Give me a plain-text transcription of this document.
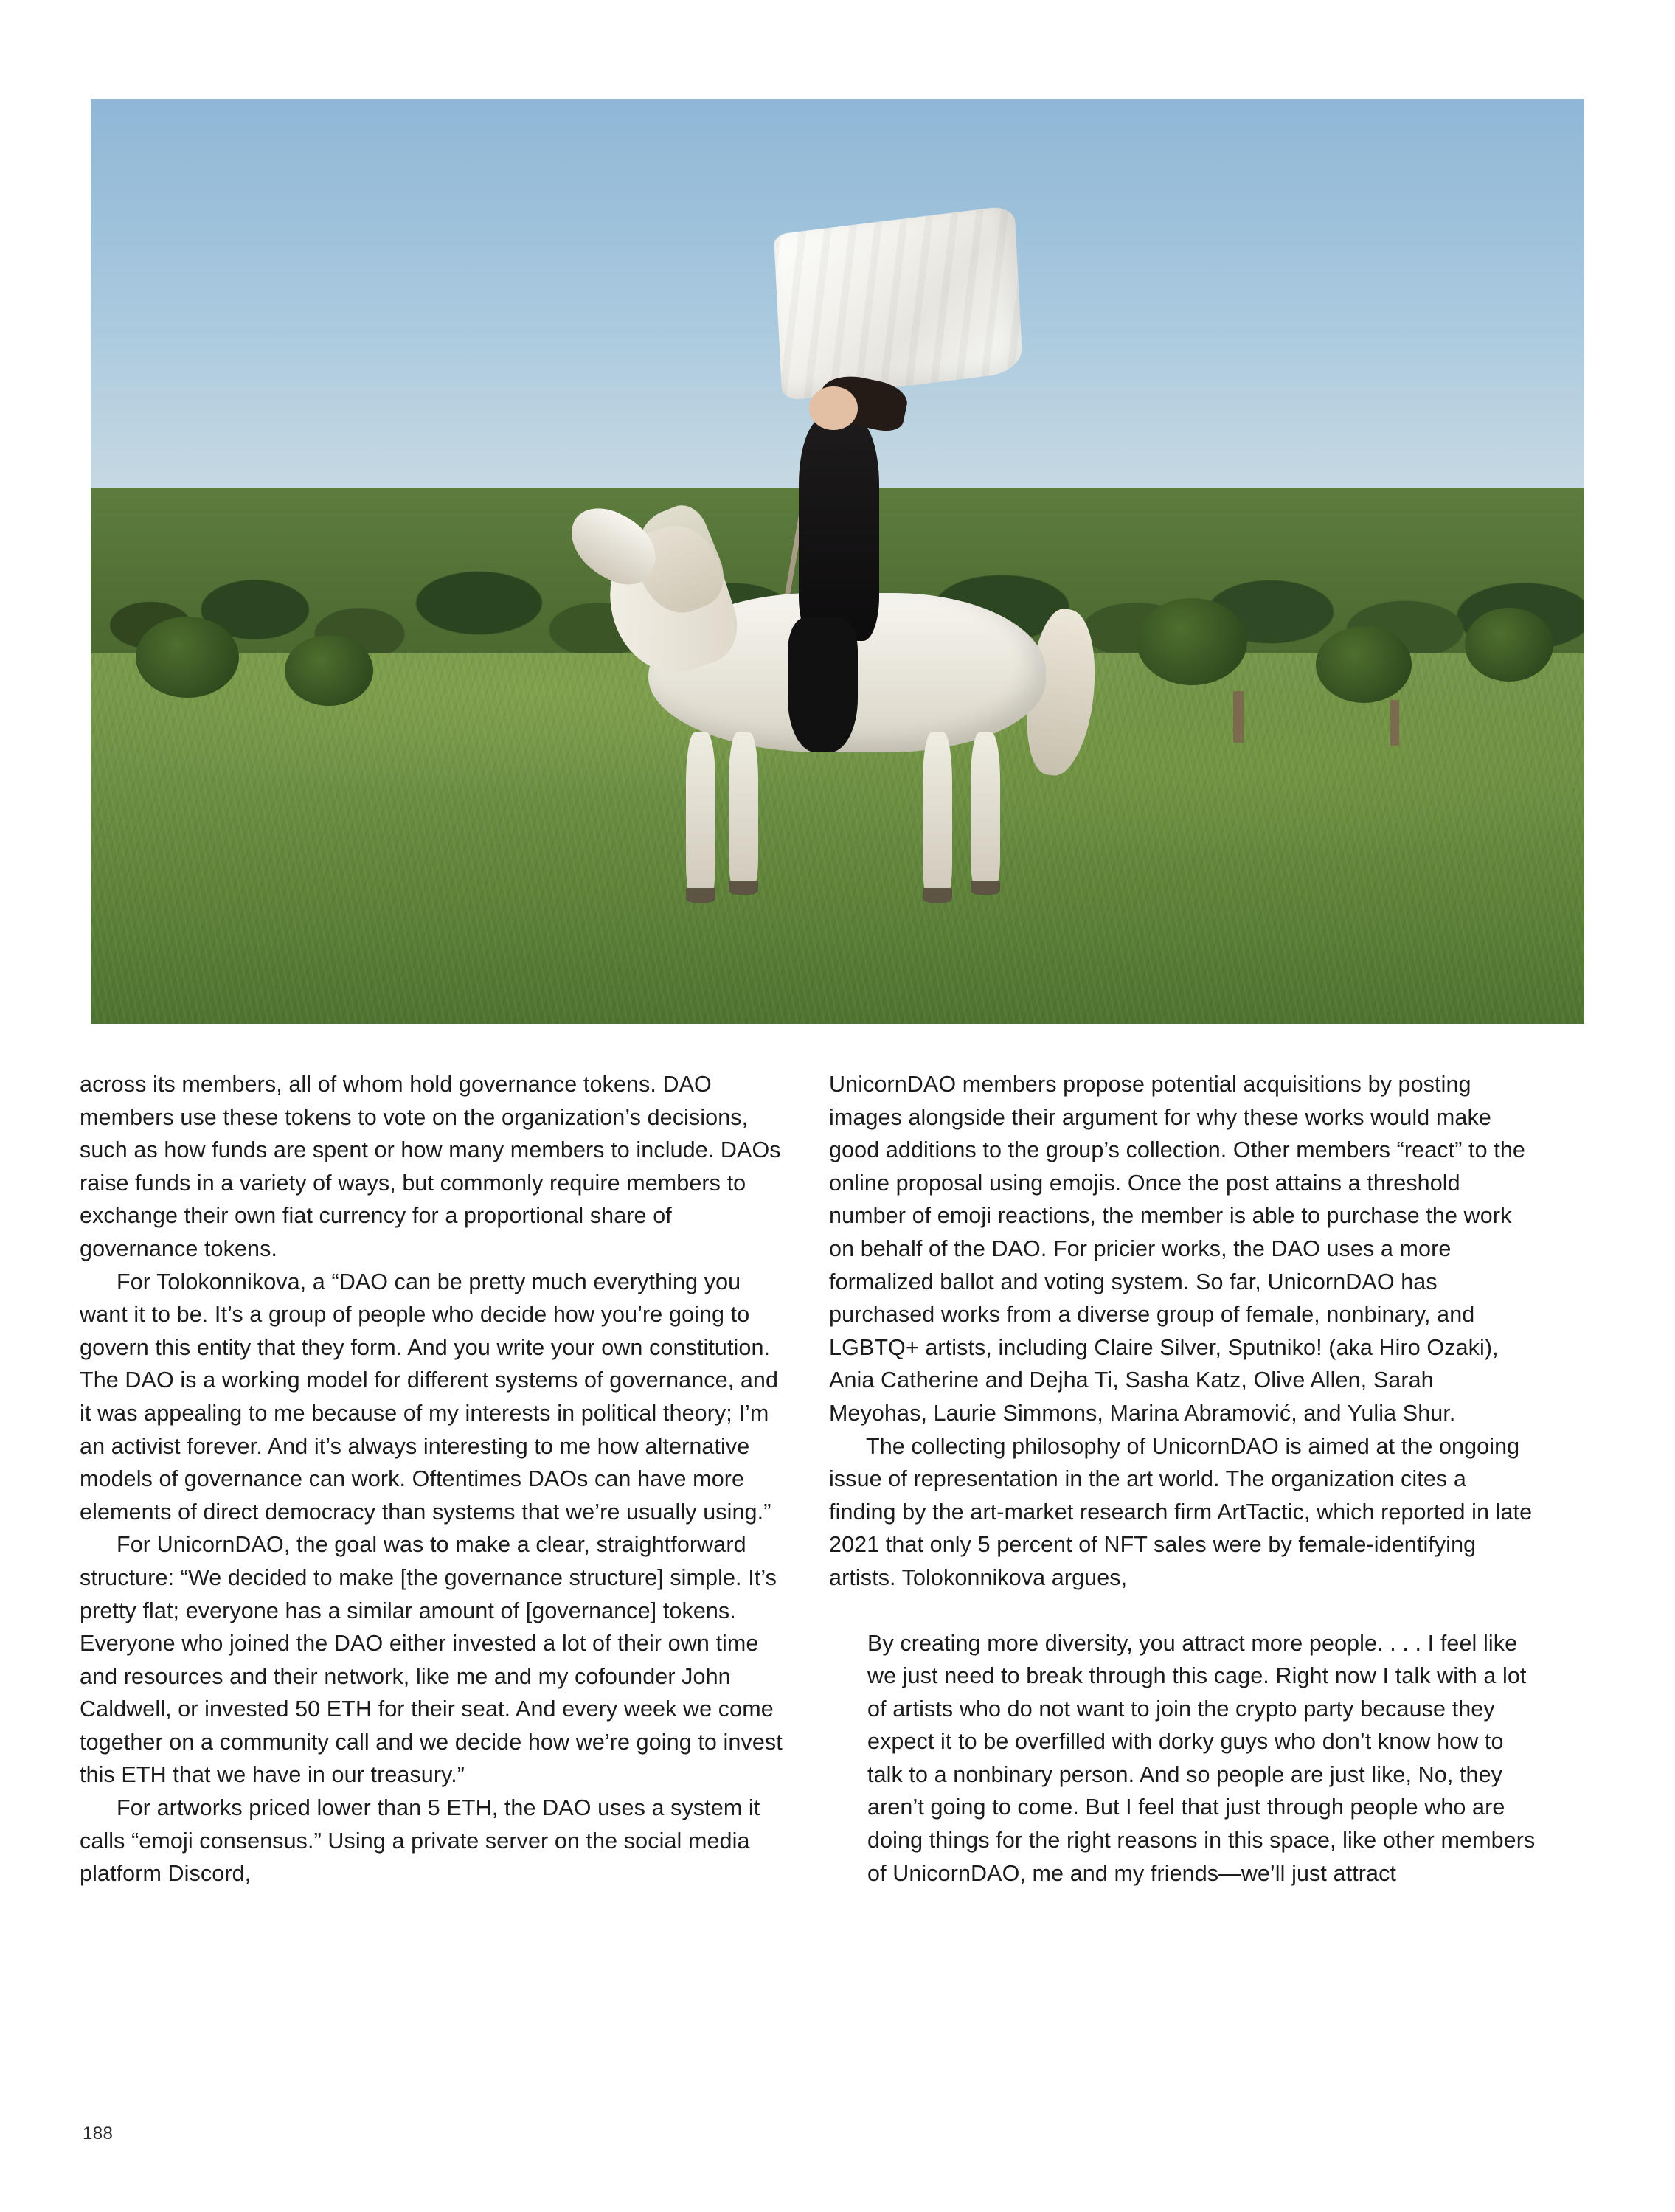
across its members, all of whom hold governance tokens. DAO members use these tokens to vote on the organization’s decisions, such as how funds are spent or how many members to include. DAOs raise funds in a variety of ways, but commonly require members to exchange their own fiat currency for a proportional share of governance tokens.

For Tolokonnikova, a “DAO can be pretty much everything you want it to be. It’s a group of people who decide how you’re going to govern this entity that they form. And you write your own constitution. The DAO is a working model for different systems of governance, and it was appealing to me because of my interests in political theory; I’m an activist forever. And it’s always interesting to me how alternative models of governance can work. Oftentimes DAOs can have more elements of direct democracy than systems that we’re usually using.”

For UnicornDAO, the goal was to make a clear, straightforward structure: “We decided to make [the governance structure] simple. It’s pretty flat; everyone has a similar amount of [governance] tokens. Everyone who joined the DAO either invested a lot of their own time and resources and their network, like me and my cofounder John Caldwell, or invested 50 ETH for their seat. And every week we come together on a community call and we decide how we’re going to invest this ETH that we have in our treasury.”

For artworks priced lower than 5 ETH, the DAO uses a system it calls “emoji consensus.” Using a private server on the social media platform Discord,

UnicornDAO members propose potential acquisitions by posting images alongside their argument for why these works would make good additions to the group’s collection. Other members “react” to the online proposal using emojis. Once the post attains a threshold number of emoji reactions, the member is able to purchase the work on behalf of the DAO. For pricier works, the DAO uses a more formalized ballot and voting system. So far, UnicornDAO has purchased works from a diverse group of female, nonbinary, and LGBTQ+ artists, including Claire Silver, Sputniko! (aka Hiro Ozaki), Ania Catherine and Dejha Ti, Sasha Katz, Olive Allen, Sarah Meyohas, Laurie Simmons, Marina Abramović, and Yulia Shur.

The collecting philosophy of UnicornDAO is aimed at the ongoing issue of representation in the art world. The organization cites a finding by the art-market research firm ArtTactic, which reported in late 2021 that only 5 percent of NFT sales were by female-identifying artists. Tolokonnikova argues,

By creating more diversity, you attract more people. . . . I feel like we just need to break through this cage. Right now I talk with a lot of artists who do not want to join the crypto party because they expect it to be overfilled with dorky guys who don’t know how to talk to a nonbinary person. And so people are just like, No, they aren’t going to come. But I feel that just through people who are doing things for the right reasons in this space, like other members of UnicornDAO, me and my friends—we’ll just attract

188
